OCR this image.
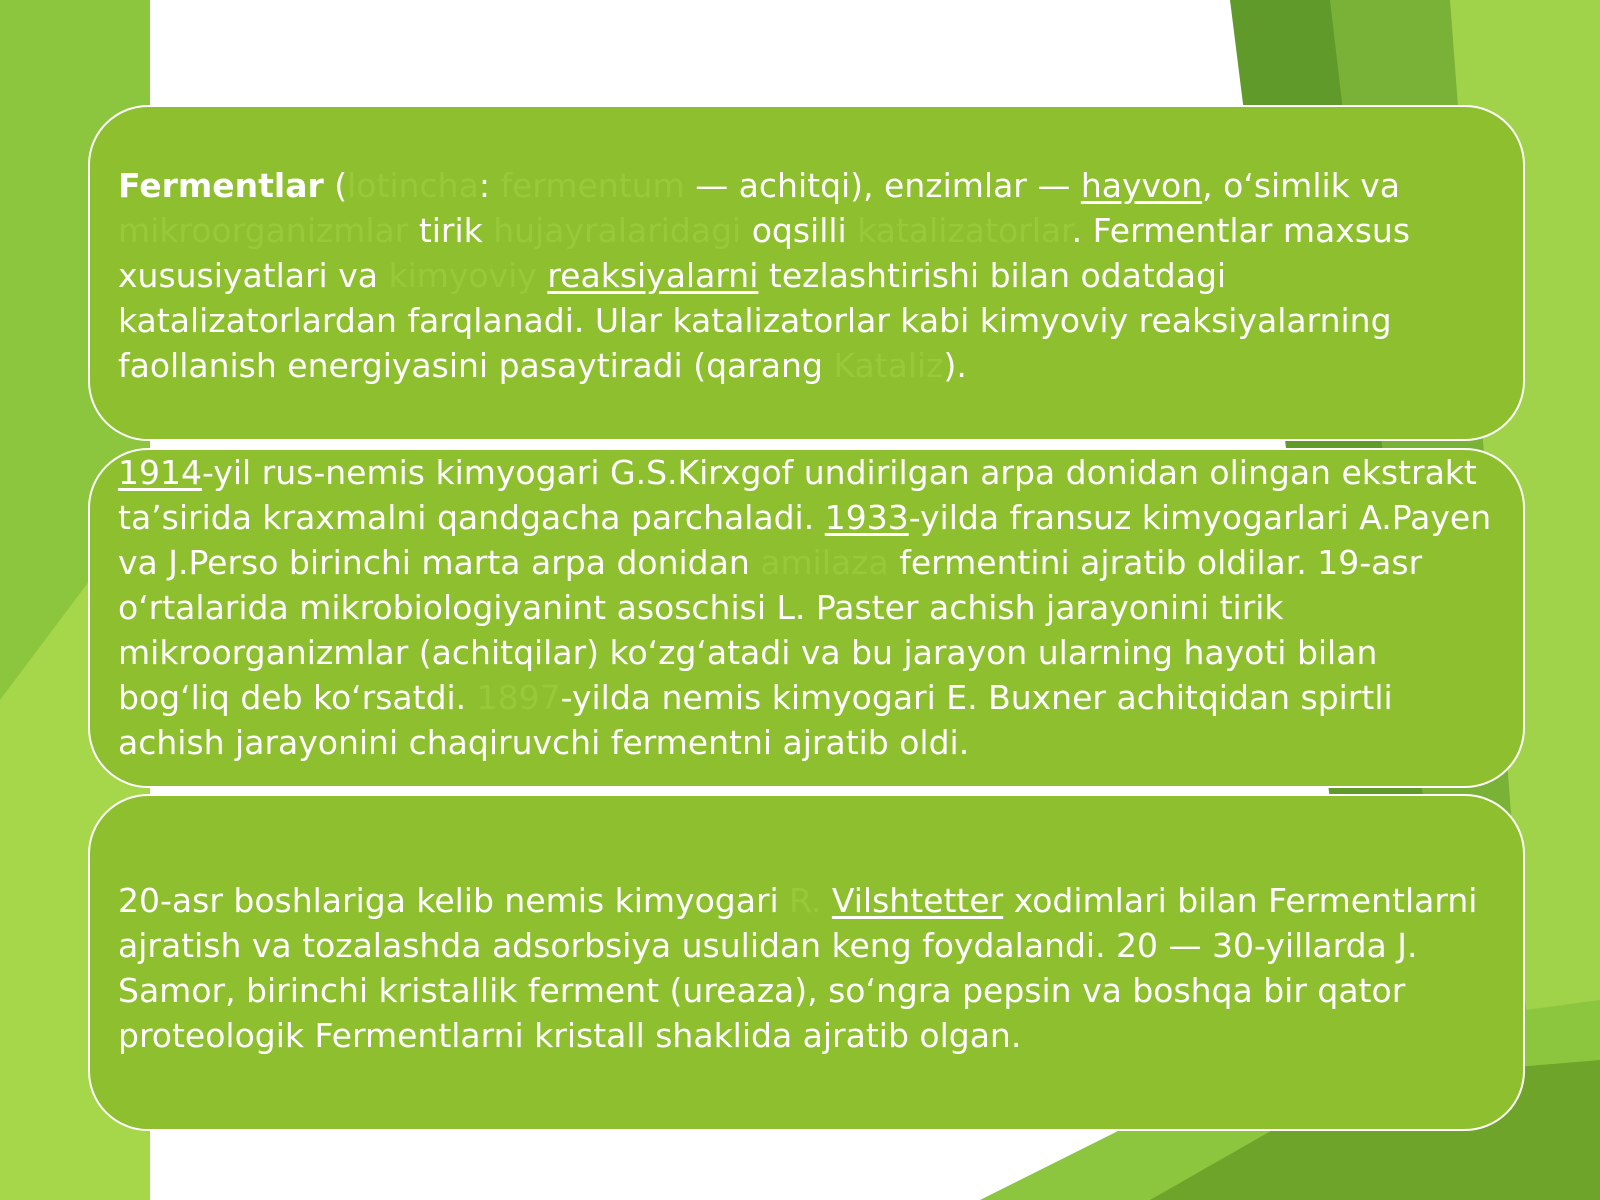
Fermentlar (lotincha: fermentum — achitqi), enzimlar — hayvon, oʻsimlik va mikroorganizmlar tirik hujayralaridagi oqsilli katalizatorlar. Fermentlar maxsus xususiyatlari va kimyoviy reaksiyalarni tezlashtirishi bilan odatdagi katalizatorlardan farqlanadi. Ular katalizatorlar kabi kimyoviy reaksiyalarning faollanish energiyasini pasaytiradi (qarang Kataliz).

1914-yil rus-nemis kimyogari G.S.Kirxgof undirilgan arpa donidan olingan ekstrakt taʼsirida kraxmalni qandgacha parchaladi. 1933-yilda fransuz kimyogarlari A.Payen va J.Perso birinchi marta arpa donidan amilaza fermentini ajratib oldilar. 19-asr oʻrtalarida mikrobiologiyanint asoschisi L. Paster achish jarayonini tirik mikroorganizmlar (achitqilar) koʻzgʻatadi va bu jarayon ularning hayoti bilan bogʻliq deb koʻrsatdi. 1897-yilda nemis kimyogari E. Buxner achitqidan spirtli achish jarayonini chaqiruvchi fermentni ajratib oldi.

20-asr boshlariga kelib nemis kimyogari R. Vilshtetter xodimlari bilan Fermentlarni ajratish va tozalashda adsorbsiya usulidan keng foydalandi. 20 — 30-yillarda J. Samor, birinchi kristallik ferment (ureaza), soʻngra pepsin va boshqa bir qator proteologik Fermentlarni kristall shaklida ajratib olgan.
